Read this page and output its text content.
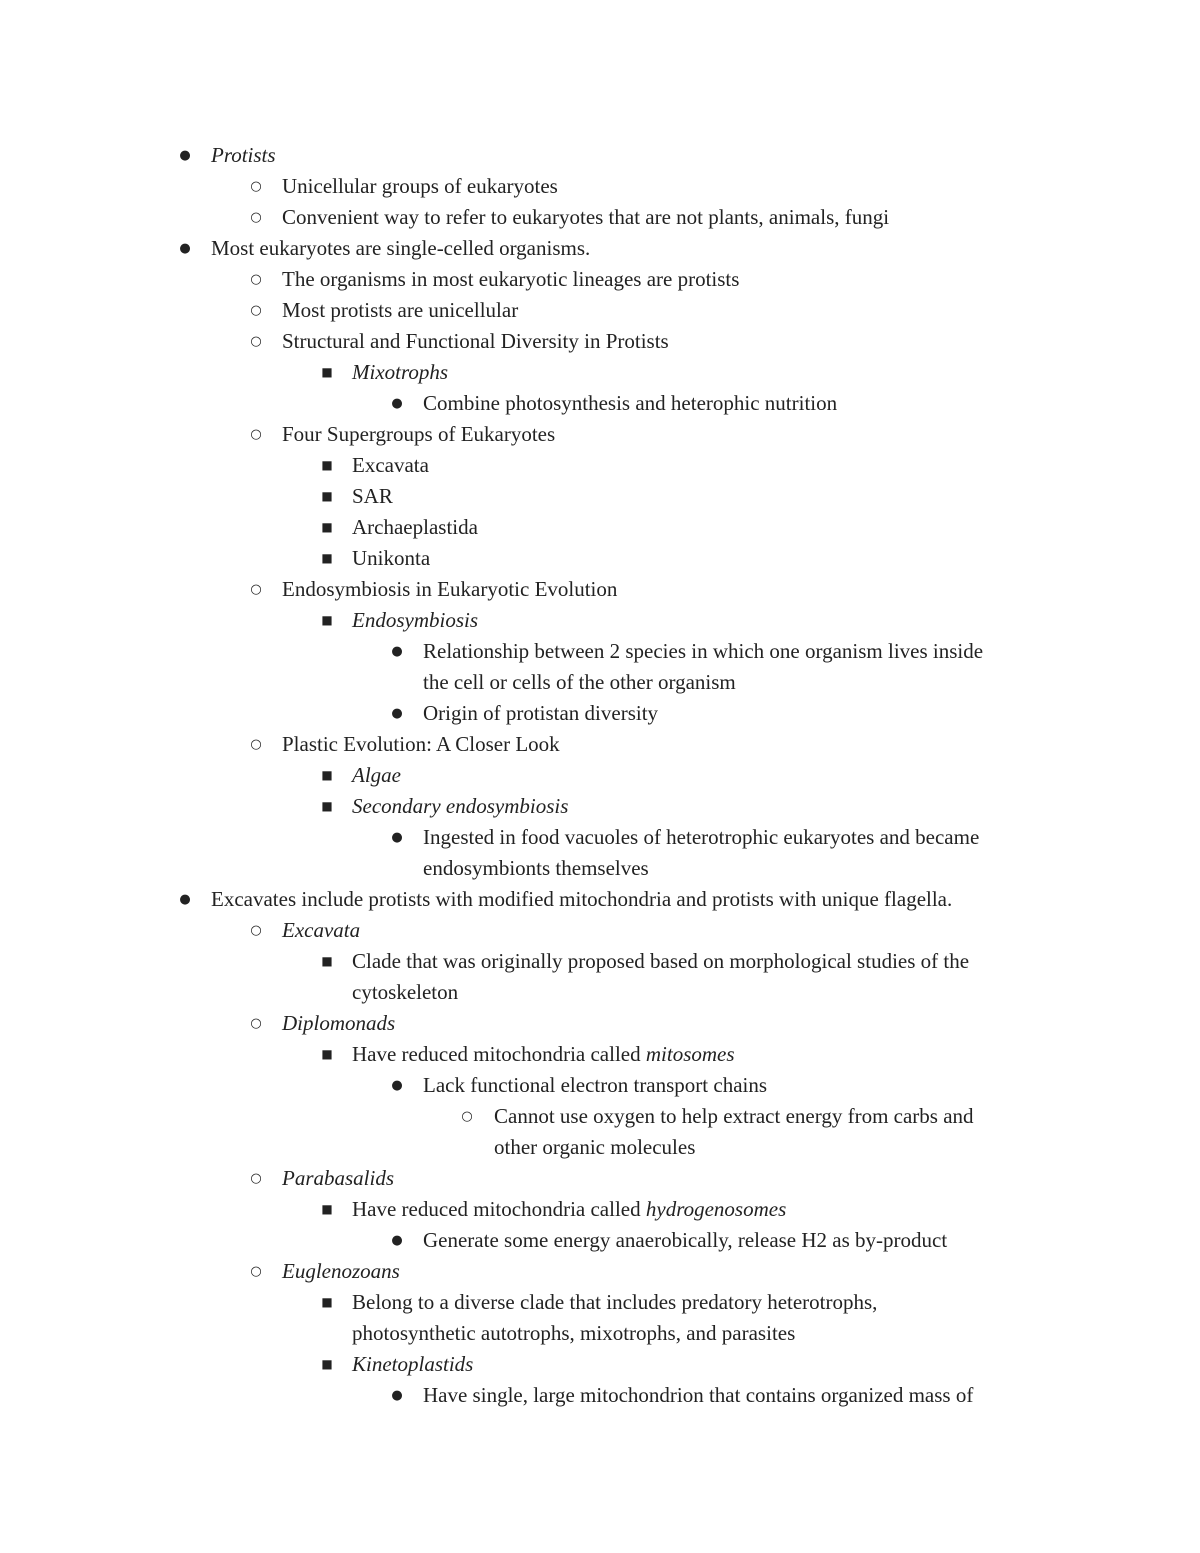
● Protists
○ Unicellular groups of eukaryotes
○ Convenient way to refer to eukaryotes that are not plants, animals, fungi
● Most eukaryotes are single-celled organisms.
○ The organisms in most eukaryotic lineages are protists
○ Most protists are unicellular
○ Structural and Functional Diversity in Protists
■ Mixotrophs
● Combine photosynthesis and heterophic nutrition
○ Four Supergroups of Eukaryotes
■ Excavata
■ SAR
■ Archaeplastida
■ Unikonta
○ Endosymbiosis in Eukaryotic Evolution
■ Endosymbiosis
● Relationship between 2 species in which one organism lives inside
the cell or cells of the other organism
● Origin of protistan diversity
○ Plastic Evolution: A Closer Look
■ Algae
■ Secondary endosymbiosis
● Ingested in food vacuoles of heterotrophic eukaryotes and became
endosymbionts themselves
● Excavates include protists with modified mitochondria and protists with unique flagella.
○ Excavata
■ Clade that was originally proposed based on morphological studies of the
cytoskeleton
○ Diplomonads
■ Have reduced mitochondria called mitosomes
● Lack functional electron transport chains
○	Cannot use oxygen to help extract energy from carbs and
other organic molecules
○ Parabasalids
■ Have reduced mitochondria called hydrogenosomes
● Generate some energy anaerobically, release H2 as by-product
○ Euglenozoans
■ Belong to a diverse clade that includes predatory heterotrophs,
photosynthetic autotrophs, mixotrophs, and parasites
■ Kinetoplastids
● Have single, large mitochondrion that contains organized mass of
